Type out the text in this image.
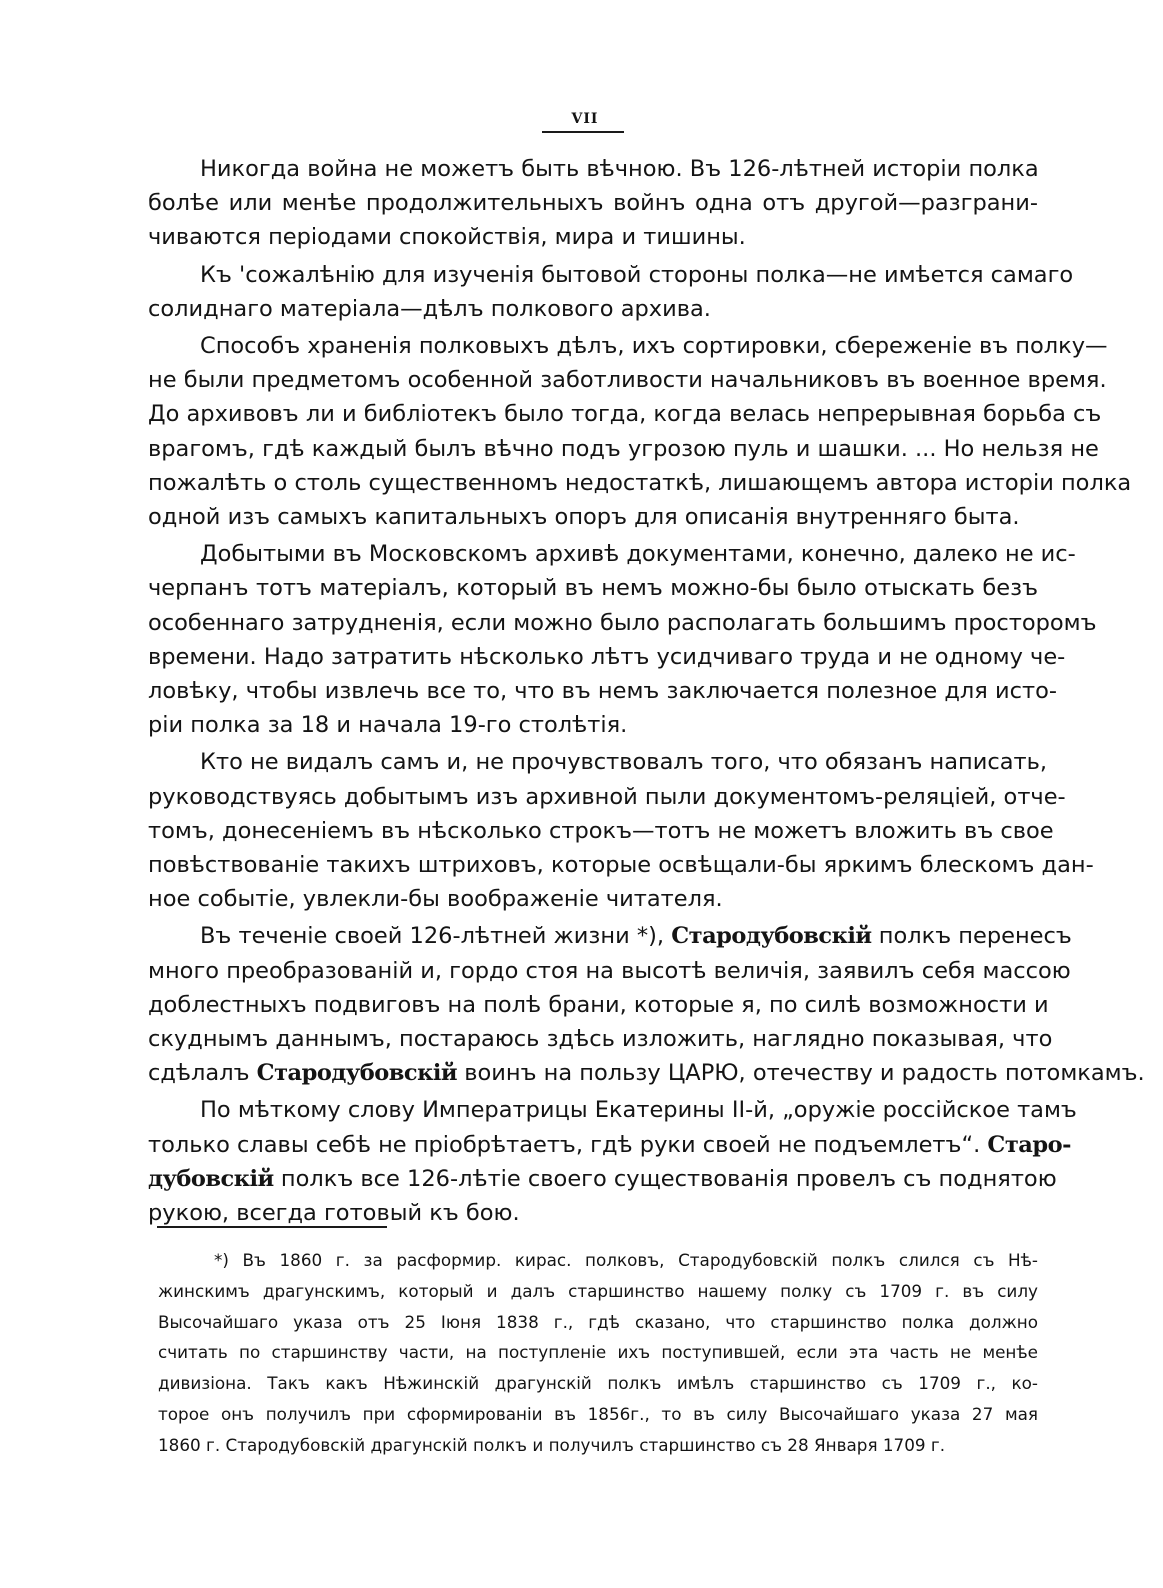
VII
Никогда война не можетъ быть вѣчною. Въ 126-лѣтней исторіи полка
болѣе или менѣе продолжительныхъ войнъ одна отъ другой—разграни-
чиваются періодами спокойствія, мира и тишины.
Къ 'сожалѣнію для изученія бытовой стороны полка—не имѣется самаго
солиднаго матеріала—дѣлъ полкового архива.
Способъ храненія полковыхъ дѣлъ, ихъ сортировки, сбереженіе въ полку—
не были предметомъ особенной заботливости начальниковъ въ военное время.
До архивовъ ли и библіотекъ было тогда, когда велась непрерывная борьба съ
врагомъ, гдѣ каждый былъ вѣчно подъ угрозою пуль и шашки. ... Но нельзя не
пожалѣть о столь существенномъ недостаткѣ, лишающемъ автора исторіи полка
одной изъ самыхъ капитальныхъ опоръ для описанія внутренняго быта.
Добытыми въ Московскомъ архивѣ документами, конечно, далеко не ис-
черпанъ тотъ матеріалъ, который въ немъ можно-бы было отыскать безъ
особеннаго затрудненія, если можно было располагать большимъ просторомъ
времени. Надо затратить нѣсколько лѣтъ усидчиваго труда и не одному че-
ловѣку, чтобы извлечь все то, что въ немъ заключается полезное для исто-
ріи полка за 18 и начала 19-го столѣтія.
Кто не видалъ самъ и, не прочувствовалъ того, что обязанъ написать,
руководствуясь добытымъ изъ архивной пыли документомъ-реляціей, отче-
томъ, донесеніемъ въ нѣсколько строкъ—тотъ не можетъ вложить въ свое
повѣствованіе такихъ штриховъ, которые освѣщали-бы яркимъ блескомъ дан-
ное событіе, увлекли-бы воображеніе читателя.
Въ теченіе своей 126-лѣтней жизни *), Стародубовскій полкъ перенесъ
много преобразованій и, гордо стоя на высотѣ величія, заявилъ себя массою
доблестныхъ подвиговъ на полѣ брани, которые я, по силѣ возможности и
скуднымъ даннымъ, постараюсь здѣсь изложить, наглядно показывая, что
сдѣлалъ Стародубовскій воинъ на пользу ЦАРЮ, отечеству и радость потомкамъ.
По мѣткому слову Императрицы Екатерины II-й, „оружіе россійское тамъ
только славы себѣ не пріобрѣтаетъ, гдѣ руки своей не подъемлетъ“. Старо-
дубовскій полкъ все 126-лѣтіе своего существованія провелъ съ поднятою
рукою, всегда готовый къ бою.
*) Въ 1860 г. за расформир. кирас. полковъ, Стародубовскій полкъ слился съ Нѣ-
жинскимъ драгунскимъ, который и далъ старшинство нашему полку съ 1709 г. въ силу
Высочайшаго указа отъ 25 Іюня 1838 г., гдѣ сказано, что старшинство полка должно
считать по старшинству части, на поступленіе ихъ поступившей, если эта часть не менѣе
дивизіона. Такъ какъ Нѣжинскій драгунскій полкъ имѣлъ старшинство съ 1709 г., ко-
торое онъ получилъ при сформированіи въ 1856г., то въ силу Высочайшаго указа 27 мая
1860 г. Стародубовскій драгунскій полкъ и получилъ старшинство съ 28 Января 1709 г.
